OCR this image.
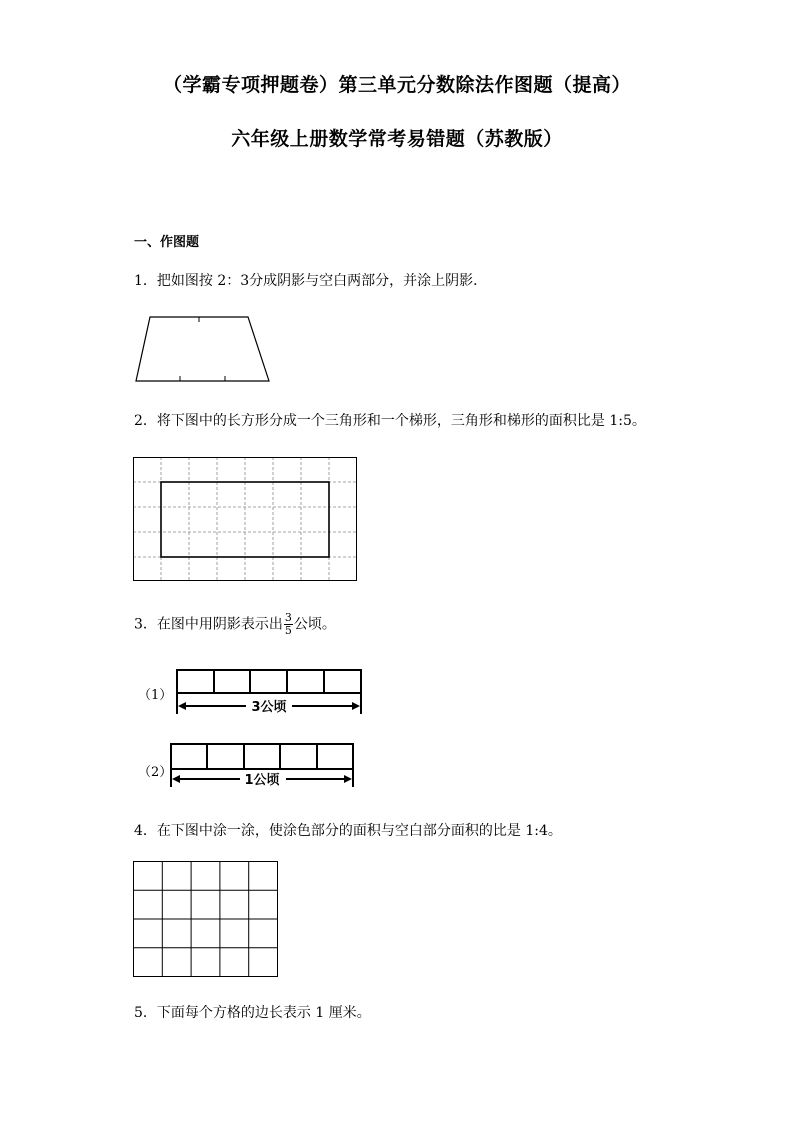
（学霸专项押题卷）第三单元分数除法作图题（提高）
六年级上册数学常考易错题（苏教版）
一、作图题
1．把如图按 2：3分成阴影与空白两部分，并涂上阴影．
2．将下图中的长方形分成一个三角形和一个梯形，三角形和梯形的面积比是 1:5。
3．在图中用阴影表示出 $\frac{3}{5}$ 公顷。
（1）
3公顷
（2）
1公顷
4．在下图中涂一涂，使涂色部分的面积与空白部分面积的比是 1:4。
5．下面每个方格的边长表示 1 厘米。
